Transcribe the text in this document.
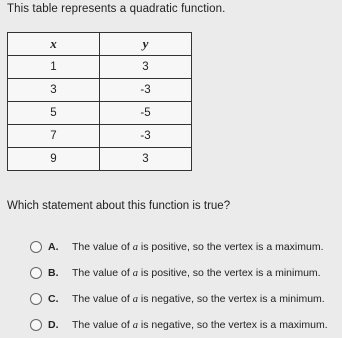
This table represents a quadratic function.
x	y
1	3
3	-3
5	-5
7	-3
9	3
Which statement about this function is true?
A.	The value of a is positive, so the vertex is a maximum.
B.	The value of a is positive, so the vertex is a minimum.
C.	The value of a is negative, so the vertex is a minimum.
D.	The value of a is negative, so the vertex is a maximum.
